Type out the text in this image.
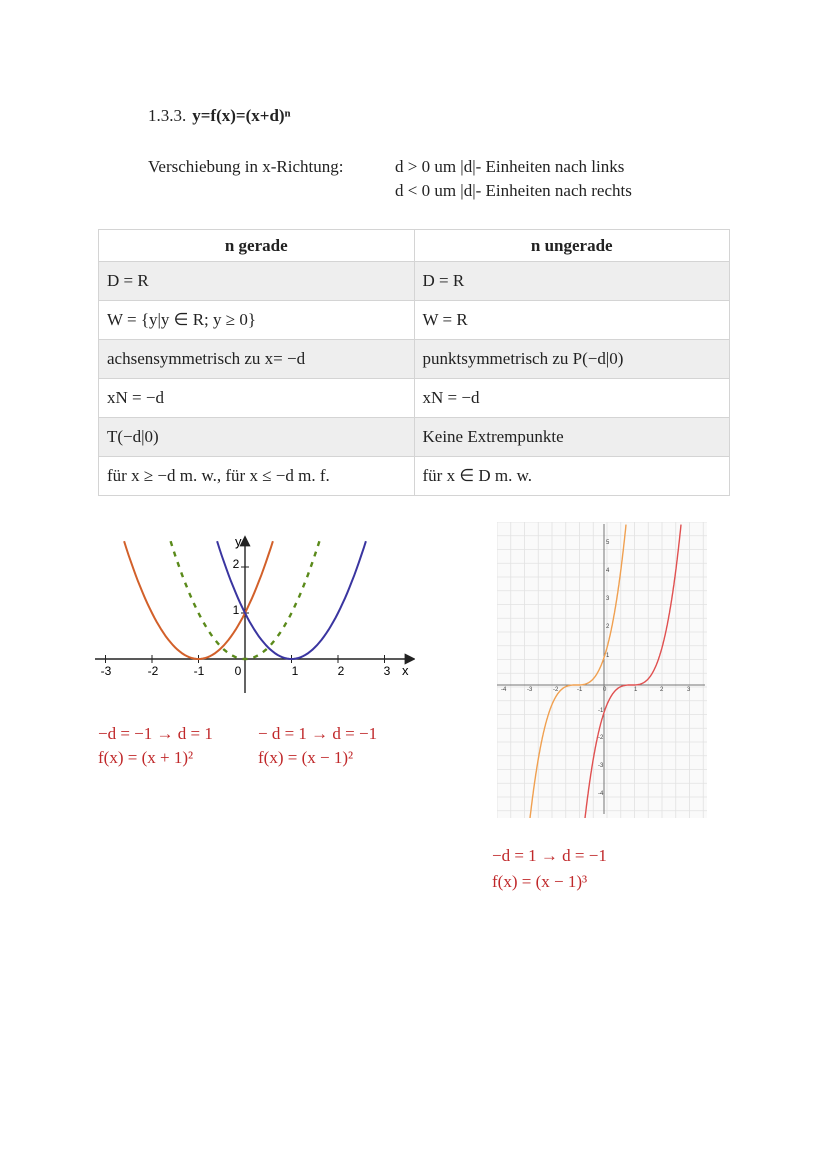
1.3.3. y=f(x)=(x+d)ⁿ
Verschiebung in x-Richtung:	d > 0 um |d|- Einheiten nach links
d < 0 um |d|- Einheiten nach rechts
n gerade	n ungerade
D = R	D = R
W = {y|y ∈ R; y ≥ 0}	W = R
achsensymmetrisch zu x= −d	punktsymmetrisch zu P(−d|0)
xN = −d	xN = −d
T(−d|0)	Keine Extrempunkte
für x ≥ −d m. w., für x ≤ −d m. f.	für x ∈ D m. w.
y
x
-3	-2	-1	0	1	2	3
1
2
-4	-3	-2	-1	0	1	2	3
5
4
3
2
1
-1
-2
-3
-4
−d = −1 → d = 1	− d = 1 → d = −1
f(x) = (x + 1)²	f(x) = (x − 1)²
−d = 1 → d = −1
f(x) = (x − 1)³
